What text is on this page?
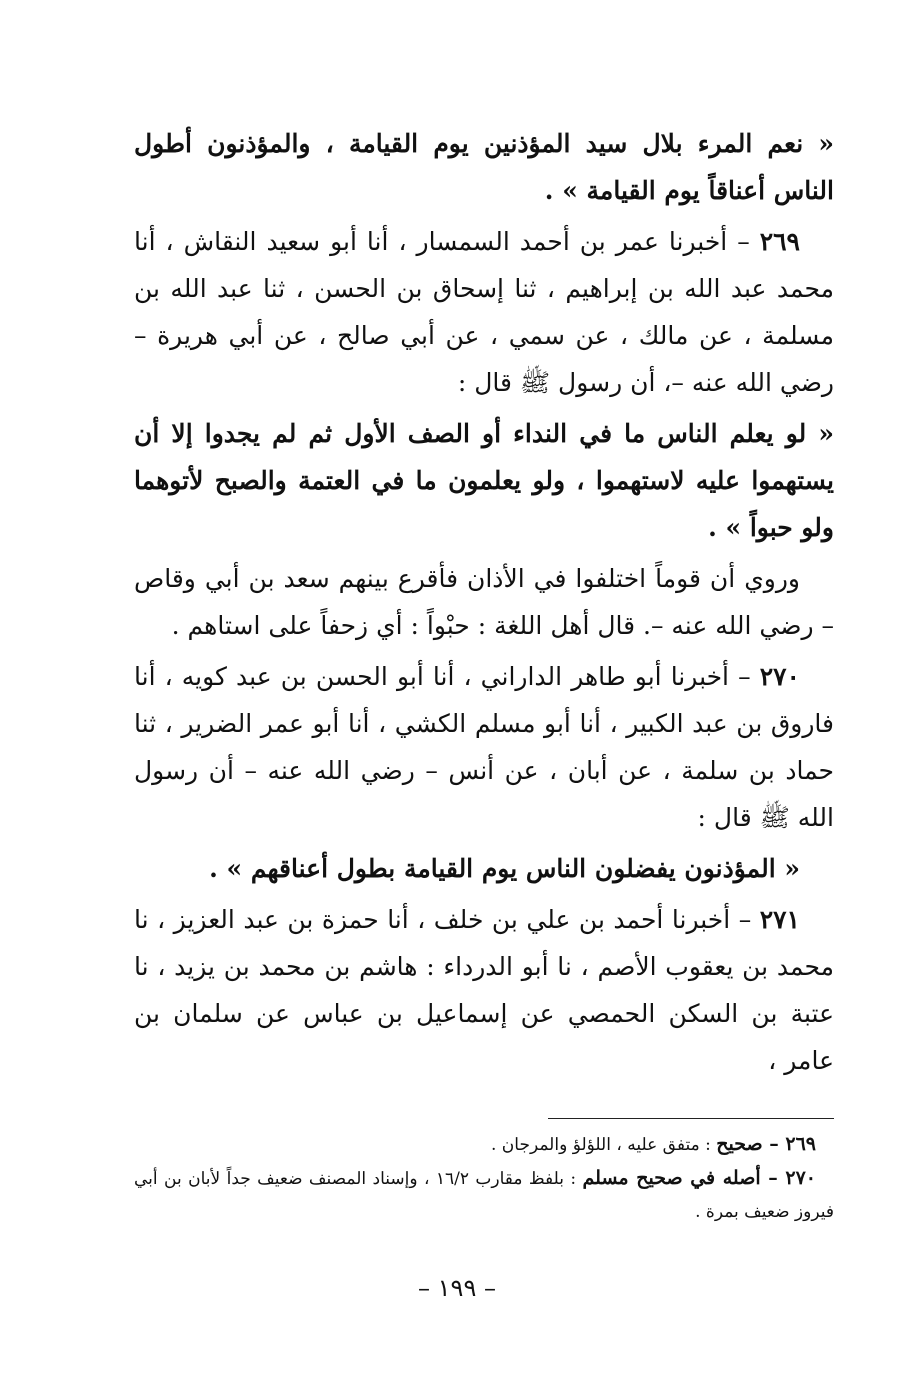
« نعم المرء بلال سيد المؤذنين يوم القيامة ، والمؤذنون أطول الناس أعناقاً يوم القيامة » .

٢٦٩ – أخبرنا عمر بن أحمد السمسار ، أنا أبو سعيد النقاش ، أنا محمد عبد الله بن إبراهيم ، ثنا إسحاق بن الحسن ، ثنا عبد الله بن مسلمة ، عن مالك ، عن سمي ، عن أبي صالح ، عن أبي هريرة – رضي الله عنه –، أن رسول ﷺ قال :

« لو يعلم الناس ما في النداء أو الصف الأول ثم لم يجدوا إلا أن يستهموا عليه لاستهموا ، ولو يعلمون ما في العتمة والصبح لأتوهما ولو حبواً » .

وروي أن قوماً اختلفوا في الأذان فأقرع بينهم سعد بن أبي وقاص – رضي الله عنه –. قال أهل اللغة : حبْواً : أي زحفاً على استاهم .

٢٧٠ – أخبرنا أبو طاهر الداراني ، أنا أبو الحسن بن عبد كويه ، أنا فاروق بن عبد الكبير ، أنا أبو مسلم الكشي ، أنا أبو عمر الضرير ، ثنا حماد بن سلمة ، عن أبان ، عن أنس – رضي الله عنه – أن رسول الله ﷺ قال :

« المؤذنون يفضلون الناس يوم القيامة بطول أعناقهم » .

٢٧١ – أخبرنا أحمد بن علي بن خلف ، أنا حمزة بن عبد العزيز ، نا محمد بن يعقوب الأصم ، نا أبو الدرداء : هاشم بن محمد بن يزيد ، نا عتبة بن السكن الحمصي عن إسماعيل بن عباس عن سلمان بن عامر ،

٢٦٩ – صحيح : متفق عليه ، اللؤلؤ والمرجان .

٢٧٠ – أصله في صحيح مسلم : بلفظ مقارب ١٦/٢ ، وإسناد المصنف ضعيف جداً لأبان بن أبي فيروز ضعيف بمرة .

– ١٩٩ –
